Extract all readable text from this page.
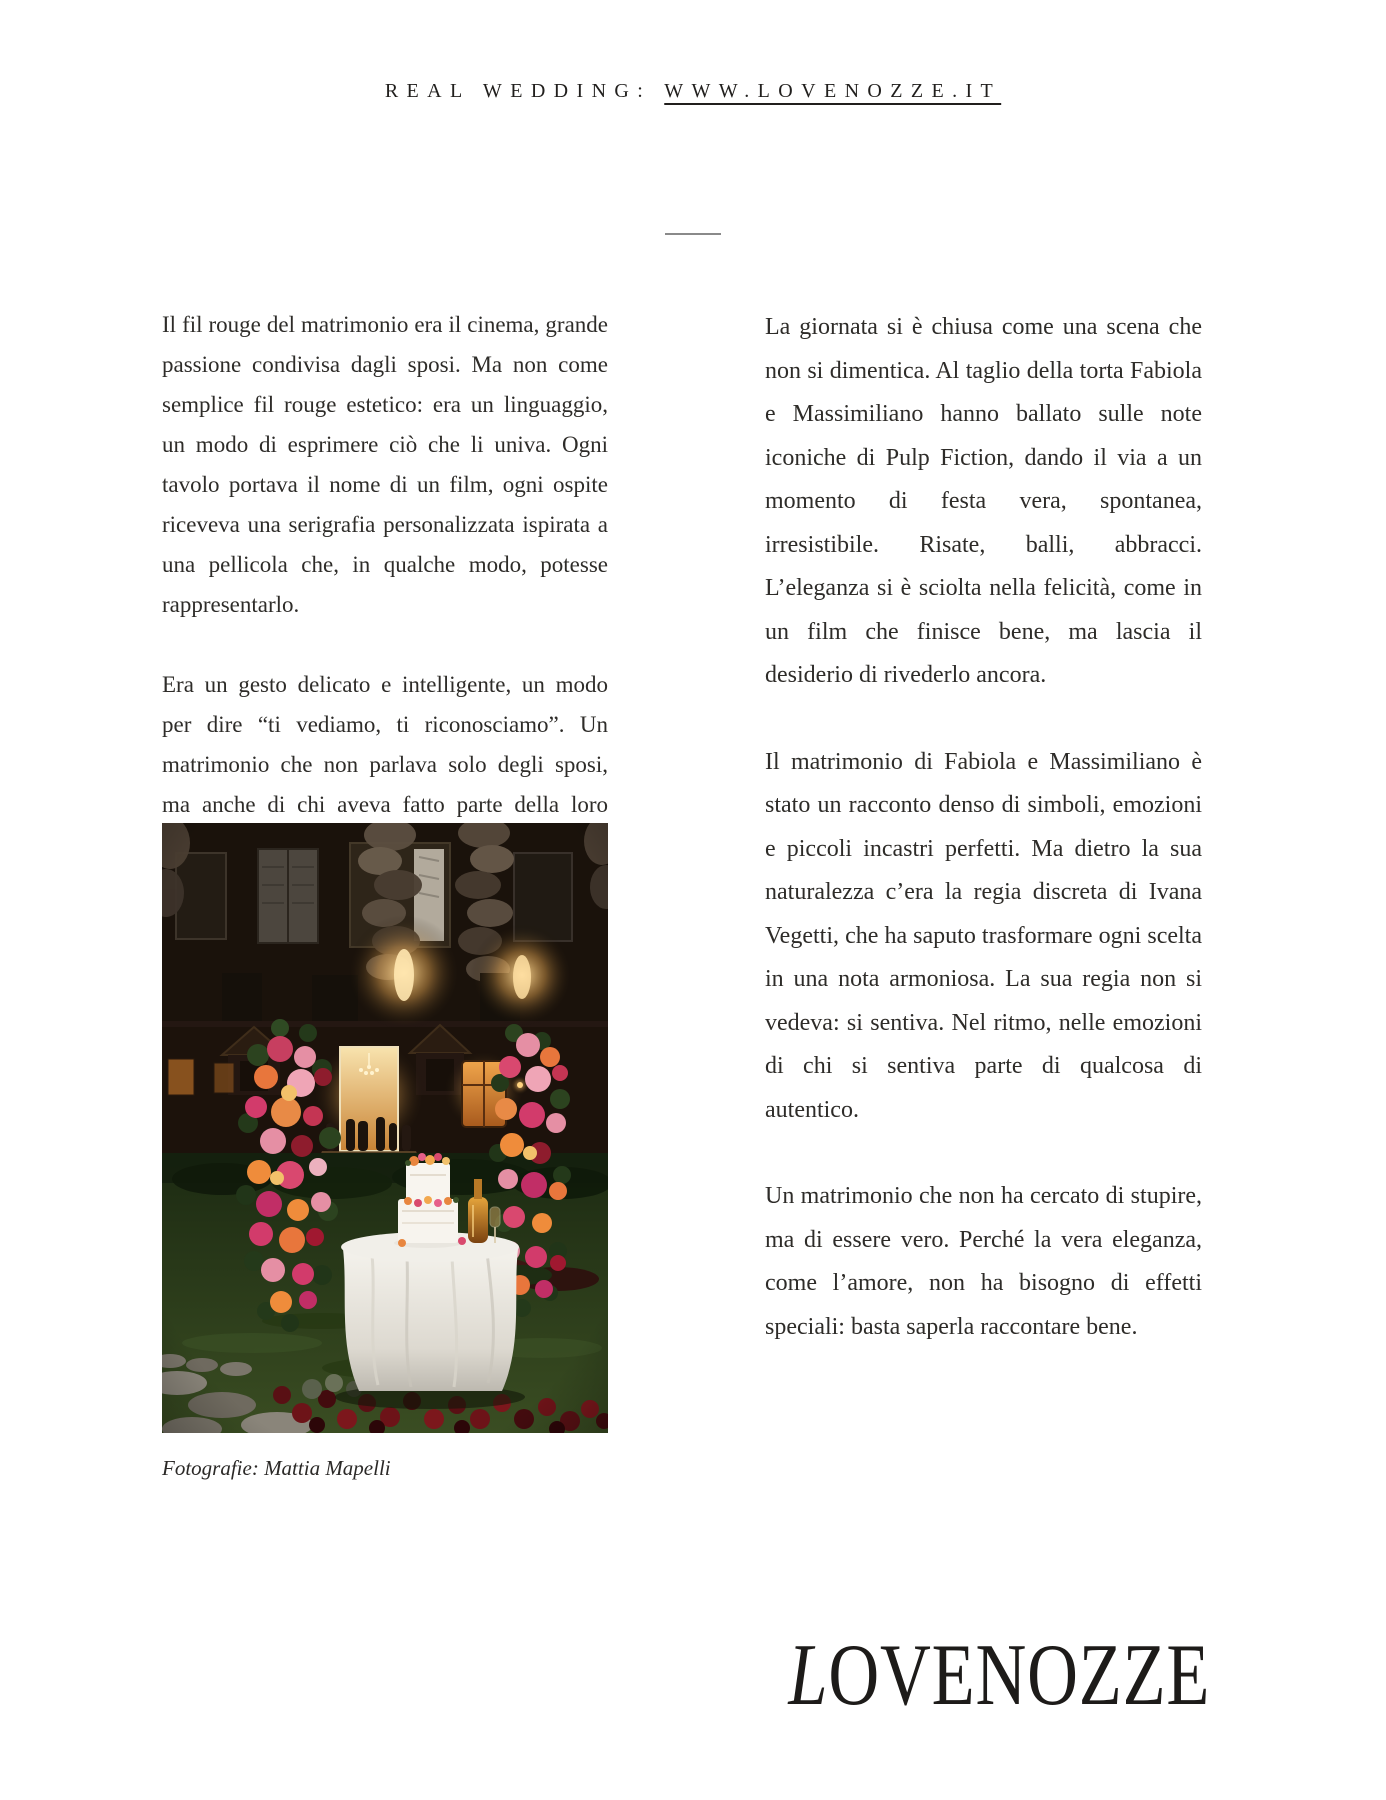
REAL WEDDING: WWW.LOVENOZZE.IT

Il fil rouge del matrimonio era il cinema, grande passione condivisa dagli sposi. Ma non come semplice fil rouge estetico: era un linguaggio, un modo di esprimere ciò che li univa. Ogni tavolo portava il nome di un film, ogni ospite riceveva una serigrafia personalizzata ispirata a una pellicola che, in qualche modo, potesse rappresentarlo.

Era un gesto delicato e intelligente, un modo per dire “ti vediamo, ti riconosciamo”. Un matrimonio che non parlava solo degli sposi, ma anche di chi aveva fatto parte della loro

La giornata si è chiusa come una scena che non si dimentica. Al taglio della torta Fabiola e Massimiliano hanno ballato sulle note iconiche di Pulp Fiction, dando il via a un momento di festa vera, spontanea, irresistibile. Risate, balli, abbracci. L’eleganza si è sciolta nella felicità, come in un film che finisce bene, ma lascia il desiderio di rivederlo ancora.

Il matrimonio di Fabiola e Massimiliano è stato un racconto denso di simboli, emozioni e piccoli incastri perfetti. Ma dietro la sua naturalezza c’era la regia discreta di Ivana Vegetti, che ha saputo trasformare ogni scelta in una nota armoniosa. La sua regia non si vedeva: si sentiva. Nel ritmo, nelle emozioni di chi si sentiva parte di qualcosa di autentico.

Un matrimonio che non ha cercato di stupire, ma di essere vero. Perché la vera eleganza, come l’amore, non ha bisogno di effetti speciali: basta saperla raccontare bene.

Fotografie: Mattia Mapelli
LOVENOZZE
